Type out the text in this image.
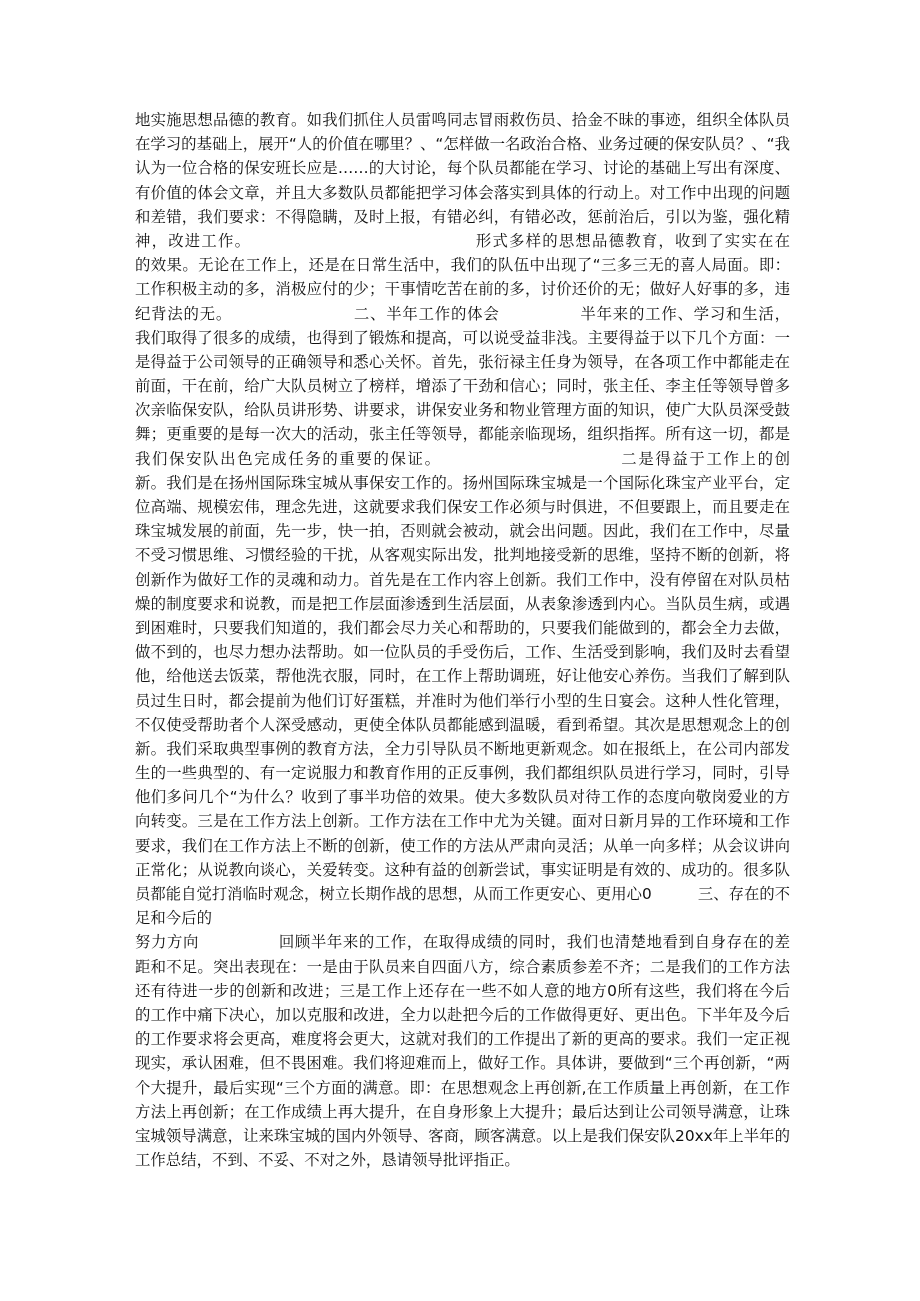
地实施思想品德的教育。如我们抓住人员雷鸣同志冒雨救伤员、拾金不昧的事迹，组织全体队员
在学习的基础上，展开“人的价值在哪里？、“怎样做一名政治合格、业务过硬的保安队员？、“我
认为一位合格的保安班长应是……的大讨论，每个队员都能在学习、讨论的基础上写出有深度、
有价值的体会文章，并且大多数队员都能把学习体会落实到具体的行动上。对工作中出现的问题
和差错，我们要求：不得隐瞒，及时上报，有错必纠，有错必改，惩前治后，引以为鉴，强化精
神，改进工作。　　　　　　　　　　　　　　形式多样的思想品德教育，收到了实实在在
的效果。无论在工作上，还是在日常生活中，我们的队伍中出现了“三多三无的喜人局面。即：
工作积极主动的多，消极应付的少；干事情吃苦在前的多，讨价还价的无；做好人好事的多，违
纪背法的无。　　　　　　　　二、半年工作的体会　　　　　半年来的工作、学习和生活，
我们取得了很多的成绩，也得到了锻炼和提高，可以说受益非浅。主要得益于以下几个方面：一
是得益于公司领导的正确领导和悉心关怀。首先，张衍禄主任身为领导，在各项工作中都能走在
前面，干在前，给广大队员树立了榜样，增添了干劲和信心；同时，张主任、李主任等领导曾多
次亲临保安队，给队员讲形势、讲要求，讲保安业务和物业管理方面的知识，使广大队员深受鼓
舞；更重要的是每一次大的活动，张主任等领导，都能亲临现场，组织指挥。所有这一切，都是
我们保安队出色完成任务的重要的保证。　　　　　　　　　　　二是得益于工作上的创
新。我们是在扬州国际珠宝城从事保安工作的。扬州国际珠宝城是一个国际化珠宝产业平台，定
位高端、规模宏伟，理念先进，这就要求我们保安工作必须与时俱进，不但要跟上，而且要走在
珠宝城发展的前面，先一步，快一拍，否则就会被动，就会出问题。因此，我们在工作中，尽量
不受习惯思维、习惯经验的干扰，从客观实际出发，批判地接受新的思维，坚持不断的创新，将
创新作为做好工作的灵魂和动力。首先是在工作内容上创新。我们工作中，没有停留在对队员枯
燥的制度要求和说教，而是把工作层面渗透到生活层面，从表象渗透到内心。当队员生病，或遇
到困难时，只要我们知道的，我们都会尽力关心和帮助的，只要我们能做到的，都会全力去做，
做不到的，也尽力想办法帮助。如一位队员的手受伤后，工作、生活受到影响，我们及时去看望
他，给他送去饭菜，帮他洗衣服，同时，在工作上帮助调班，好让他安心养伤。当我们了解到队
员过生日时，都会提前为他们订好蛋糕，并准时为他们举行小型的生日宴会。这种人性化管理，
不仅使受帮助者个人深受感动，更使全体队员都能感到温暖，看到希望。其次是思想观念上的创
新。我们采取典型事例的教育方法，全力引导队员不断地更新观念。如在报纸上，在公司内部发
生的一些典型的、有一定说服力和教育作用的正反事例，我们都组织队员进行学习，同时，引导
他们多问几个“为什么？收到了事半功倍的效果。使大多数队员对待工作的态度向敬岗爱业的方
向转变。三是在工作方法上创新。工作方法在工作中尤为关键。面对日新月异的工作环境和工作
要求，我们在工作方法上不断的创新，使工作的方法从严肃向灵活；从单一向多样；从会议讲向
正常化；从说教向谈心，关爱转变。这种有益的创新尝试，事实证明是有效的、成功的。很多队
员都能自觉打消临时观念，树立长期作战的思想，从而工作更安心、更用心0　　　三、存在的不
足和今后的
努力方向　　　　　回顾半年来的工作，在取得成绩的同时，我们也清楚地看到自身存在的差
距和不足。突出表现在：一是由于队员来自四面八方，综合素质参差不齐；二是我们的工作方法
还有待进一步的创新和改进；三是工作上还存在一些不如人意的地方0所有这些，我们将在今后
的工作中痛下决心，加以克服和改进，全力以赴把今后的工作做得更好、更出色。下半年及今后
的工作要求将会更高，难度将会更大，这就对我们的工作提出了新的更高的要求。我们一定正视
现实，承认困难，但不畏困难。我们将迎难而上，做好工作。具体讲，要做到“三个再创新，“两
个大提升，最后实现“三个方面的满意。即：在思想观念上再创新,在工作质量上再创新，在工作
方法上再创新；在工作成绩上再大提升，在自身形象上大提升；最后达到让公司领导满意，让珠
宝城领导满意，让来珠宝城的国内外领导、客商，顾客满意。以上是我们保安队20xx年上半年的
工作总结，不到、不妥、不对之外，恳请领导批评指正。
